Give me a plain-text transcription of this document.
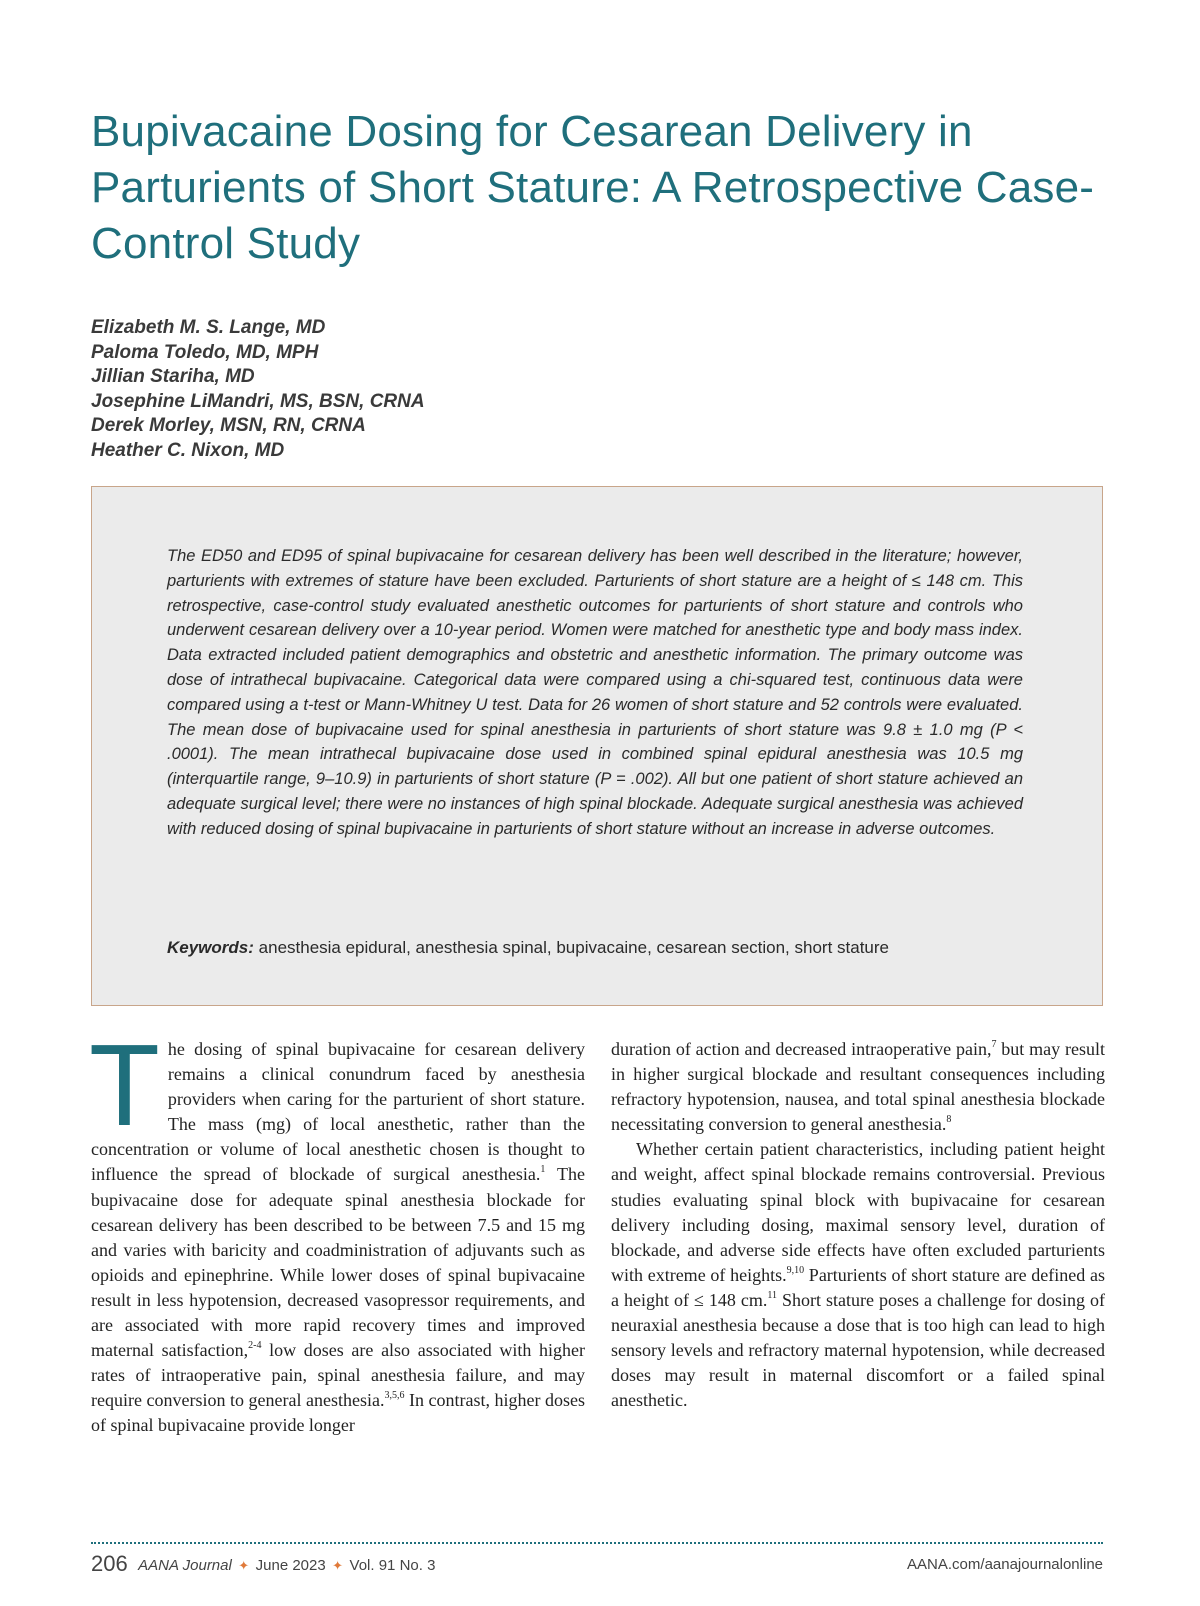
Bupivacaine Dosing for Cesarean Delivery in Parturients of Short Stature: A Retrospective Case-Control Study
Elizabeth M. S. Lange, MD
Paloma Toledo, MD, MPH
Jillian Stariha, MD
Josephine LiMandri, MS, BSN, CRNA
Derek Morley, MSN, RN, CRNA
Heather C. Nixon, MD

The ED50 and ED95 of spinal bupivacaine for cesarean delivery has been well described in the literature; however, parturients with extremes of stature have been excluded. Parturients of short stature are a height of ≤ 148 cm. This retrospective, case-control study evaluated anesthetic outcomes for parturients of short stature and controls who underwent cesarean delivery over a 10-year period. Women were matched for anesthetic type and body mass index. Data extracted included patient demographics and obstetric and anesthetic information. The primary outcome was dose of intrathecal bupivacaine. Categorical data were compared using a chi-squared test, continuous data were compared using a t-test or Mann-Whitney U test. Data for 26 women of short stature and 52 controls were evaluated. The mean dose of bupivacaine used for spinal anesthesia in parturients of short stature was 9.8 ± 1.0 mg (P < .0001). The mean intrathecal bupivacaine dose used in combined spinal epidural anesthesia was 10.5 mg (interquartile range, 9–10.9) in parturients of short stature (P = .002). All but one patient of short stature achieved an adequate surgical level; there were no instances of high spinal blockade. Adequate surgical anesthesia was achieved with reduced dosing of spinal bupivacaine in parturients of short stature without an increase in adverse outcomes.

Keywords: anesthesia epidural, anesthesia spinal, bupivacaine, cesarean section, short stature

The dosing of spinal bupivacaine for cesarean delivery remains a clinical conundrum faced by anesthesia providers when caring for the parturient of short stature. The mass (mg) of local anesthetic, rather than the concentration or volume of local anesthetic chosen is thought to influence the spread of blockade of surgical anesthesia.$^1$ The bupivacaine dose for adequate spinal anesthesia blockade for cesarean delivery has been described to be between 7.5 and 15 mg and varies with baricity and coadministration of adjuvants such as opioids and epinephrine. While lower doses of spinal bupivacaine result in less hypotension, decreased vasopressor requirements, and are associated with more rapid recovery times and improved maternal satisfaction,$^{2-4}$ low doses are also associated with higher rates of intraoperative pain, spinal anesthesia failure, and may require conversion to general anesthesia.$^{3,5,6}$ In contrast, higher doses of spinal bupivacaine provide longer

duration of action and decreased intraoperative pain,$^7$ but may result in higher surgical blockade and resultant consequences including refractory hypotension, nausea, and total spinal anesthesia blockade necessitating conversion to general anesthesia.$^8$

Whether certain patient characteristics, including patient height and weight, affect spinal blockade remains controversial. Previous studies evaluating spinal block with bupivacaine for cesarean delivery including dosing, maximal sensory level, duration of blockade, and adverse side effects have often excluded parturients with extreme of heights.$^{9,10}$ Parturients of short stature are defined as a height of ≤ 148 cm.$^{11}$ Short stature poses a challenge for dosing of neuraxial anesthesia because a dose that is too high can lead to high sensory levels and refractory maternal hypotension, while decreased doses may result in maternal discomfort or a failed spinal anesthetic.

206 AANA Journal ✦ June 2023 ✦ Vol. 91 No. 3	AANA.com/aanajournalonline
